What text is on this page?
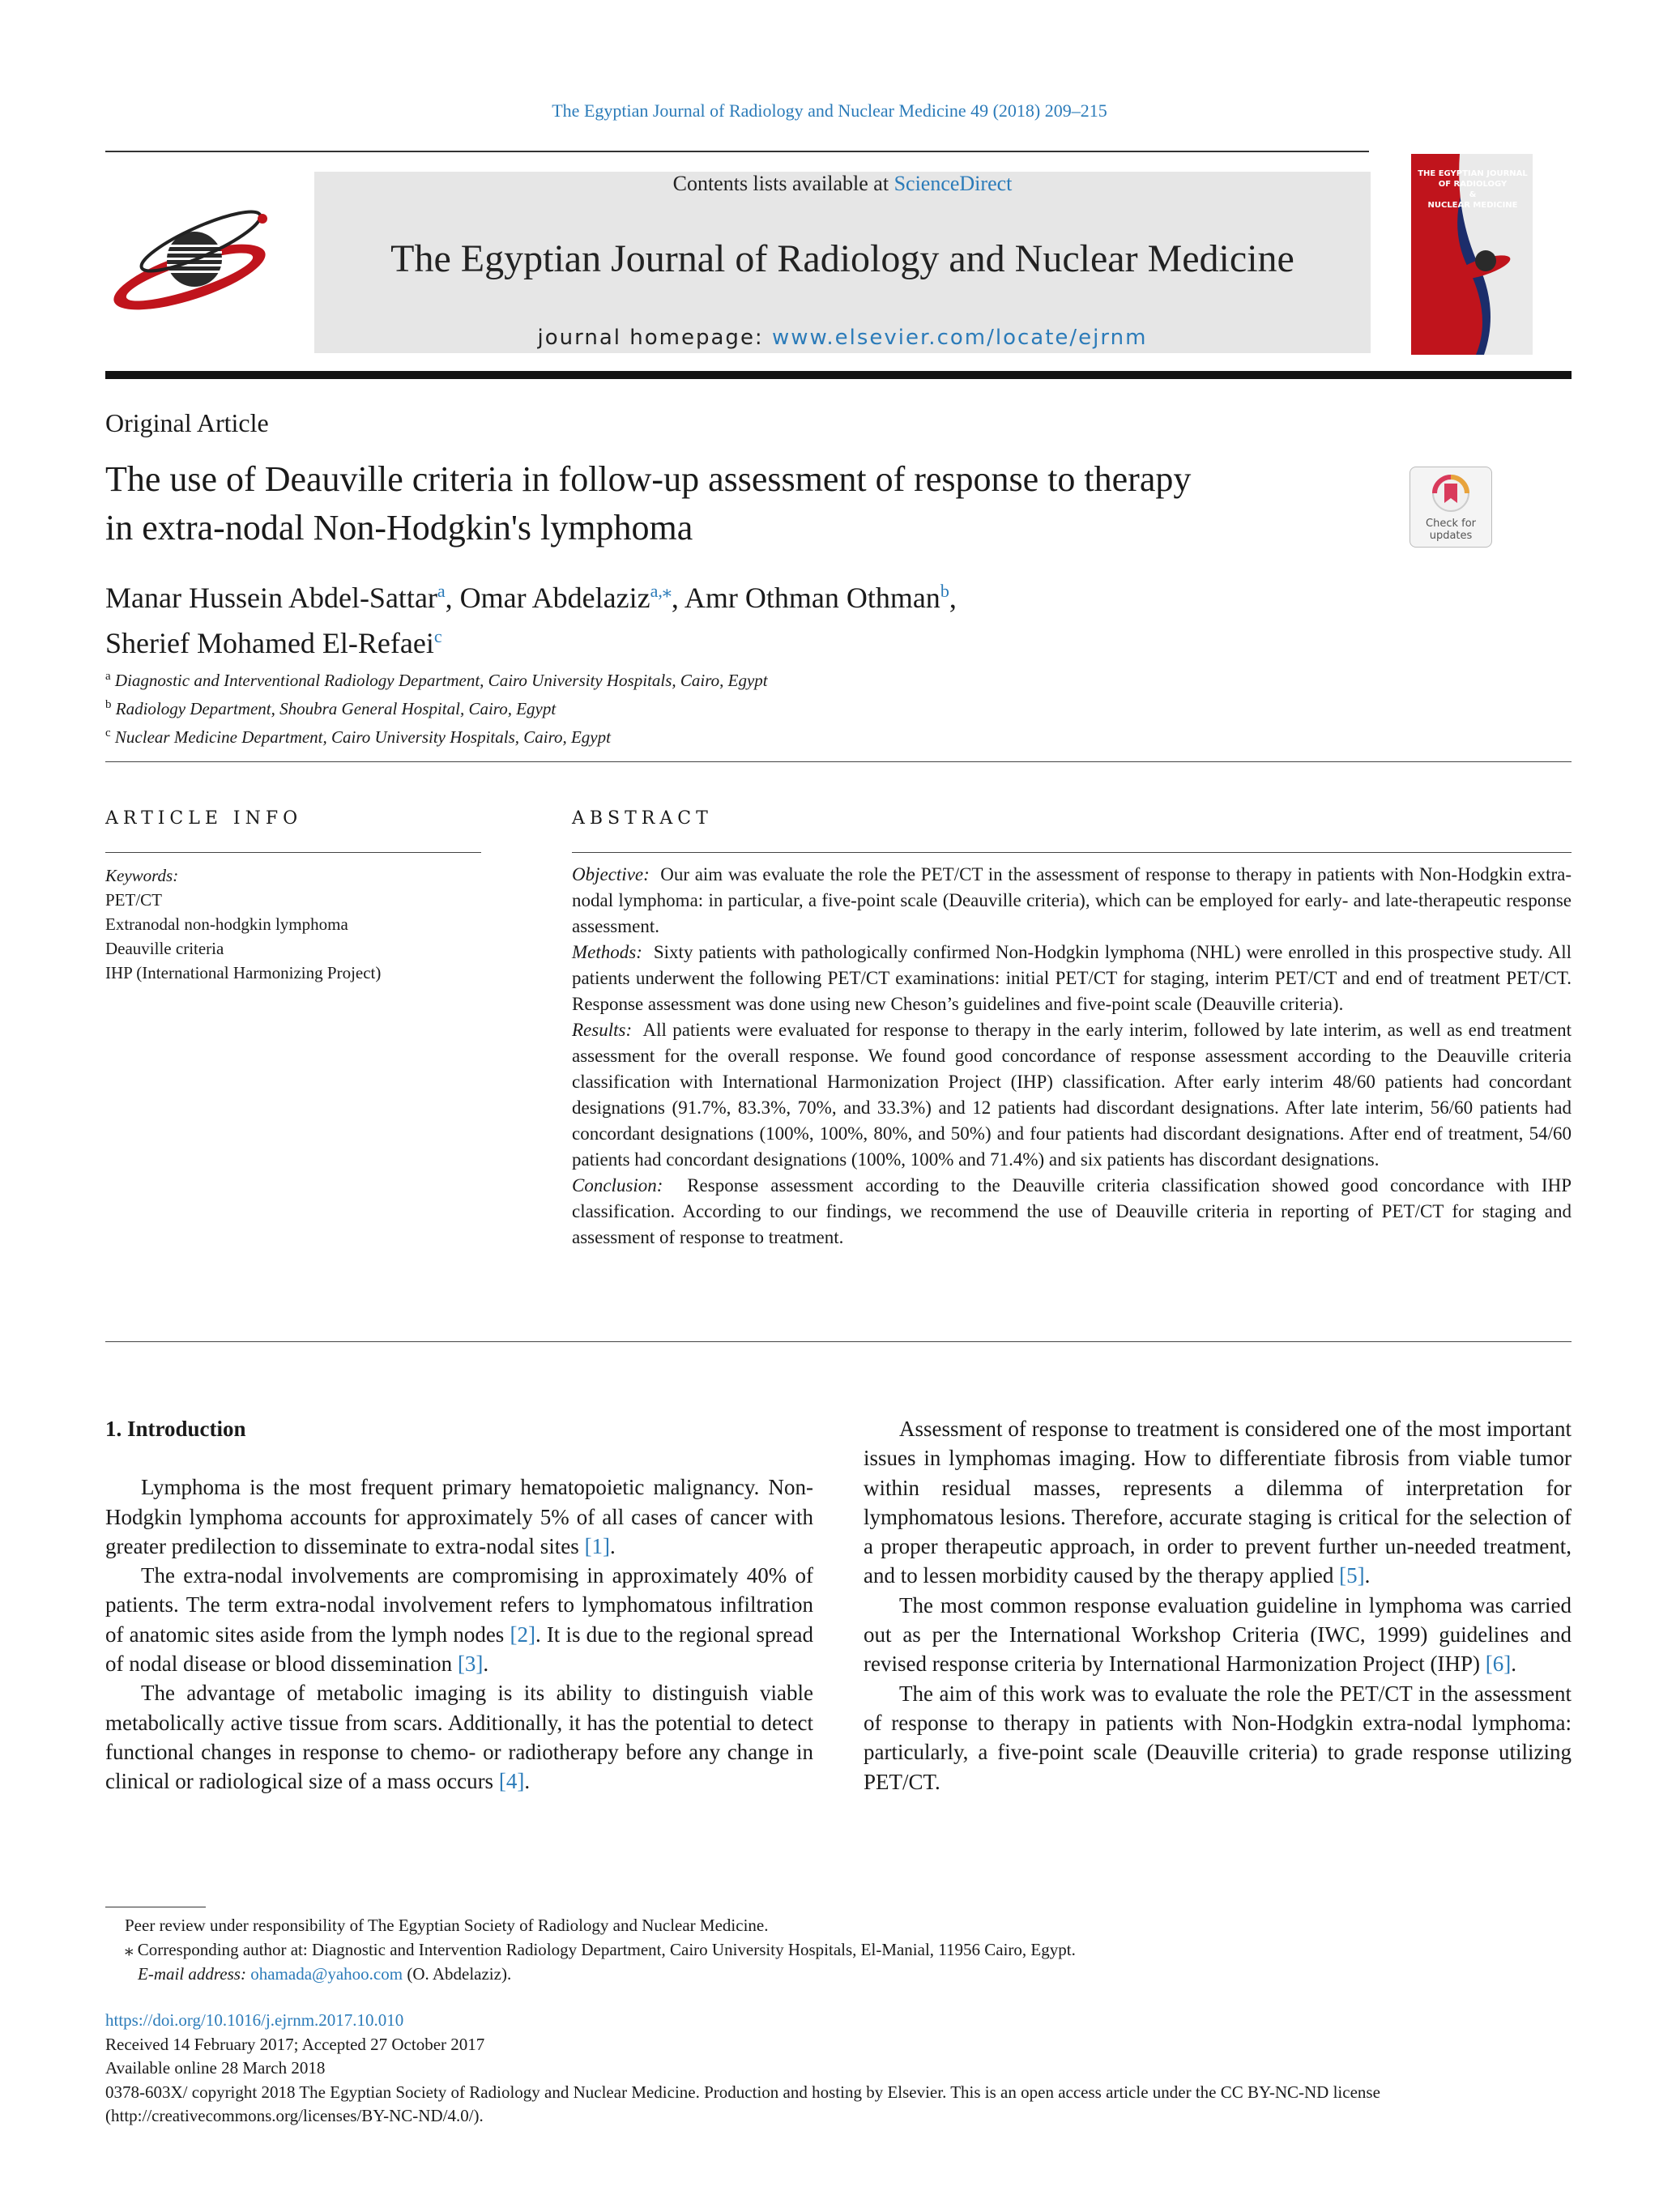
The Egyptian Journal of Radiology and Nuclear Medicine 49 (2018) 209–215
Contents lists available at ScienceDirect
The Egyptian Journal of Radiology and Nuclear Medicine
journal homepage: www.elsevier.com/locate/ejrnm
THE EGYPTIAN JOURNAL
OF RADIOLOGY
&
NUCLEAR MEDICINE
Original Article
The use of Deauville criteria in follow-up assessment of response to therapy
in extra-nodal Non-Hodgkin's lymphoma	Check for
updates
Manar Hussein Abdel-Sattar$^a$, Omar Abdelaziz$^{a,⁎}$, Amr Othman Othman$^b$,
Sherief Mohamed El-Refaei$^c$
$^a$ Diagnostic and Interventional Radiology Department, Cairo University Hospitals, Cairo, Egypt
$^b$ Radiology Department, Shoubra General Hospital, Cairo, Egypt
$^c$ Nuclear Medicine Department, Cairo University Hospitals, Cairo, Egypt
ARTICLE INFO	ABSTRACT
Keywords:
PET/CT
Extranodal non-hodgkin lymphoma
Deauville criteria
IHP (International Harmonizing Project)

Objective: Our aim was evaluate the role the PET/CT in the assessment of response to therapy in patients with Non-Hodgkin extra-nodal lymphoma: in particular, a five-point scale (Deauville criteria), which can be employed for early- and late-therapeutic response assessment.

Methods: Sixty patients with pathologically confirmed Non-Hodgkin lymphoma (NHL) were enrolled in this prospective study. All patients underwent the following PET/CT examinations: initial PET/CT for staging, interim PET/CT and end of treatment PET/CT. Response assessment was done using new Cheson’s guidelines and five-point scale (Deauville criteria).

Results: All patients were evaluated for response to therapy in the early interim, followed by late interim, as well as end treatment assessment for the overall response. We found good concordance of response assessment according to the Deauville criteria classification with International Harmonization Project (IHP) classification. After early interim 48/60 patients had concordant designations (91.7%, 83.3%, 70%, and 33.3%) and 12 patients had discordant designations. After late interim, 56/60 patients had concordant designations (100%, 100%, 80%, and 50%) and four patients had discordant designations. After end of treatment, 54/60 patients had concordant designations (100%, 100% and 71.4%) and six patients has discordant designations.

Conclusion: Response assessment according to the Deauville criteria classification showed good concordance with IHP classification. According to our findings, we recommend the use of Deauville criteria in reporting of PET/CT for staging and assessment of response to treatment.

1. Introduction

Lymphoma is the most frequent primary hematopoietic malignancy. Non-Hodgkin lymphoma accounts for approximately 5% of all cases of cancer with greater predilection to disseminate to extra-nodal sites [1].

The extra-nodal involvements are compromising in approximately 40% of patients. The term extra-nodal involvement refers to lymphomatous infiltration of anatomic sites aside from the lymph nodes [2]. It is due to the regional spread of nodal disease or blood dissemination [3].

The advantage of metabolic imaging is its ability to distinguish viable metabolically active tissue from scars. Additionally, it has the potential to detect functional changes in response to chemo- or radiotherapy before any change in clinical or radiological size of a mass occurs [4].

Assessment of response to treatment is considered one of the most important issues in lymphomas imaging. How to differentiate fibrosis from viable tumor within residual masses, represents a dilemma of interpretation for lymphomatous lesions. Therefore, accurate staging is critical for the selection of a proper therapeutic approach, in order to prevent further un-needed treatment, and to lessen morbidity caused by the therapy applied [5].

The most common response evaluation guideline in lymphoma was carried out as per the International Workshop Criteria (IWC, 1999) guidelines and revised response criteria by International Harmonization Project (IHP) [6].

The aim of this work was to evaluate the role the PET/CT in the assessment of response to therapy in patients with Non-Hodgkin extra-nodal lymphoma: particularly, a five-point scale (Deauville criteria) to grade response utilizing PET/CT.

Peer review under responsibility of The Egyptian Society of Radiology and Nuclear Medicine.
⁎ Corresponding author at: Diagnostic and Intervention Radiology Department, Cairo University Hospitals, El-Manial, 11956 Cairo, Egypt.
E-mail address: ohamada@yahoo.com (O. Abdelaziz).
https://doi.org/10.1016/j.ejrnm.2017.10.010
Received 14 February 2017; Accepted 27 October 2017
Available online 28 March 2018
0378-603X/ copyright 2018 The Egyptian Society of Radiology and Nuclear Medicine. Production and hosting by Elsevier. This is an open access article under the CC BY-NC-ND license (http://creativecommons.org/licenses/BY-NC-ND/4.0/).
